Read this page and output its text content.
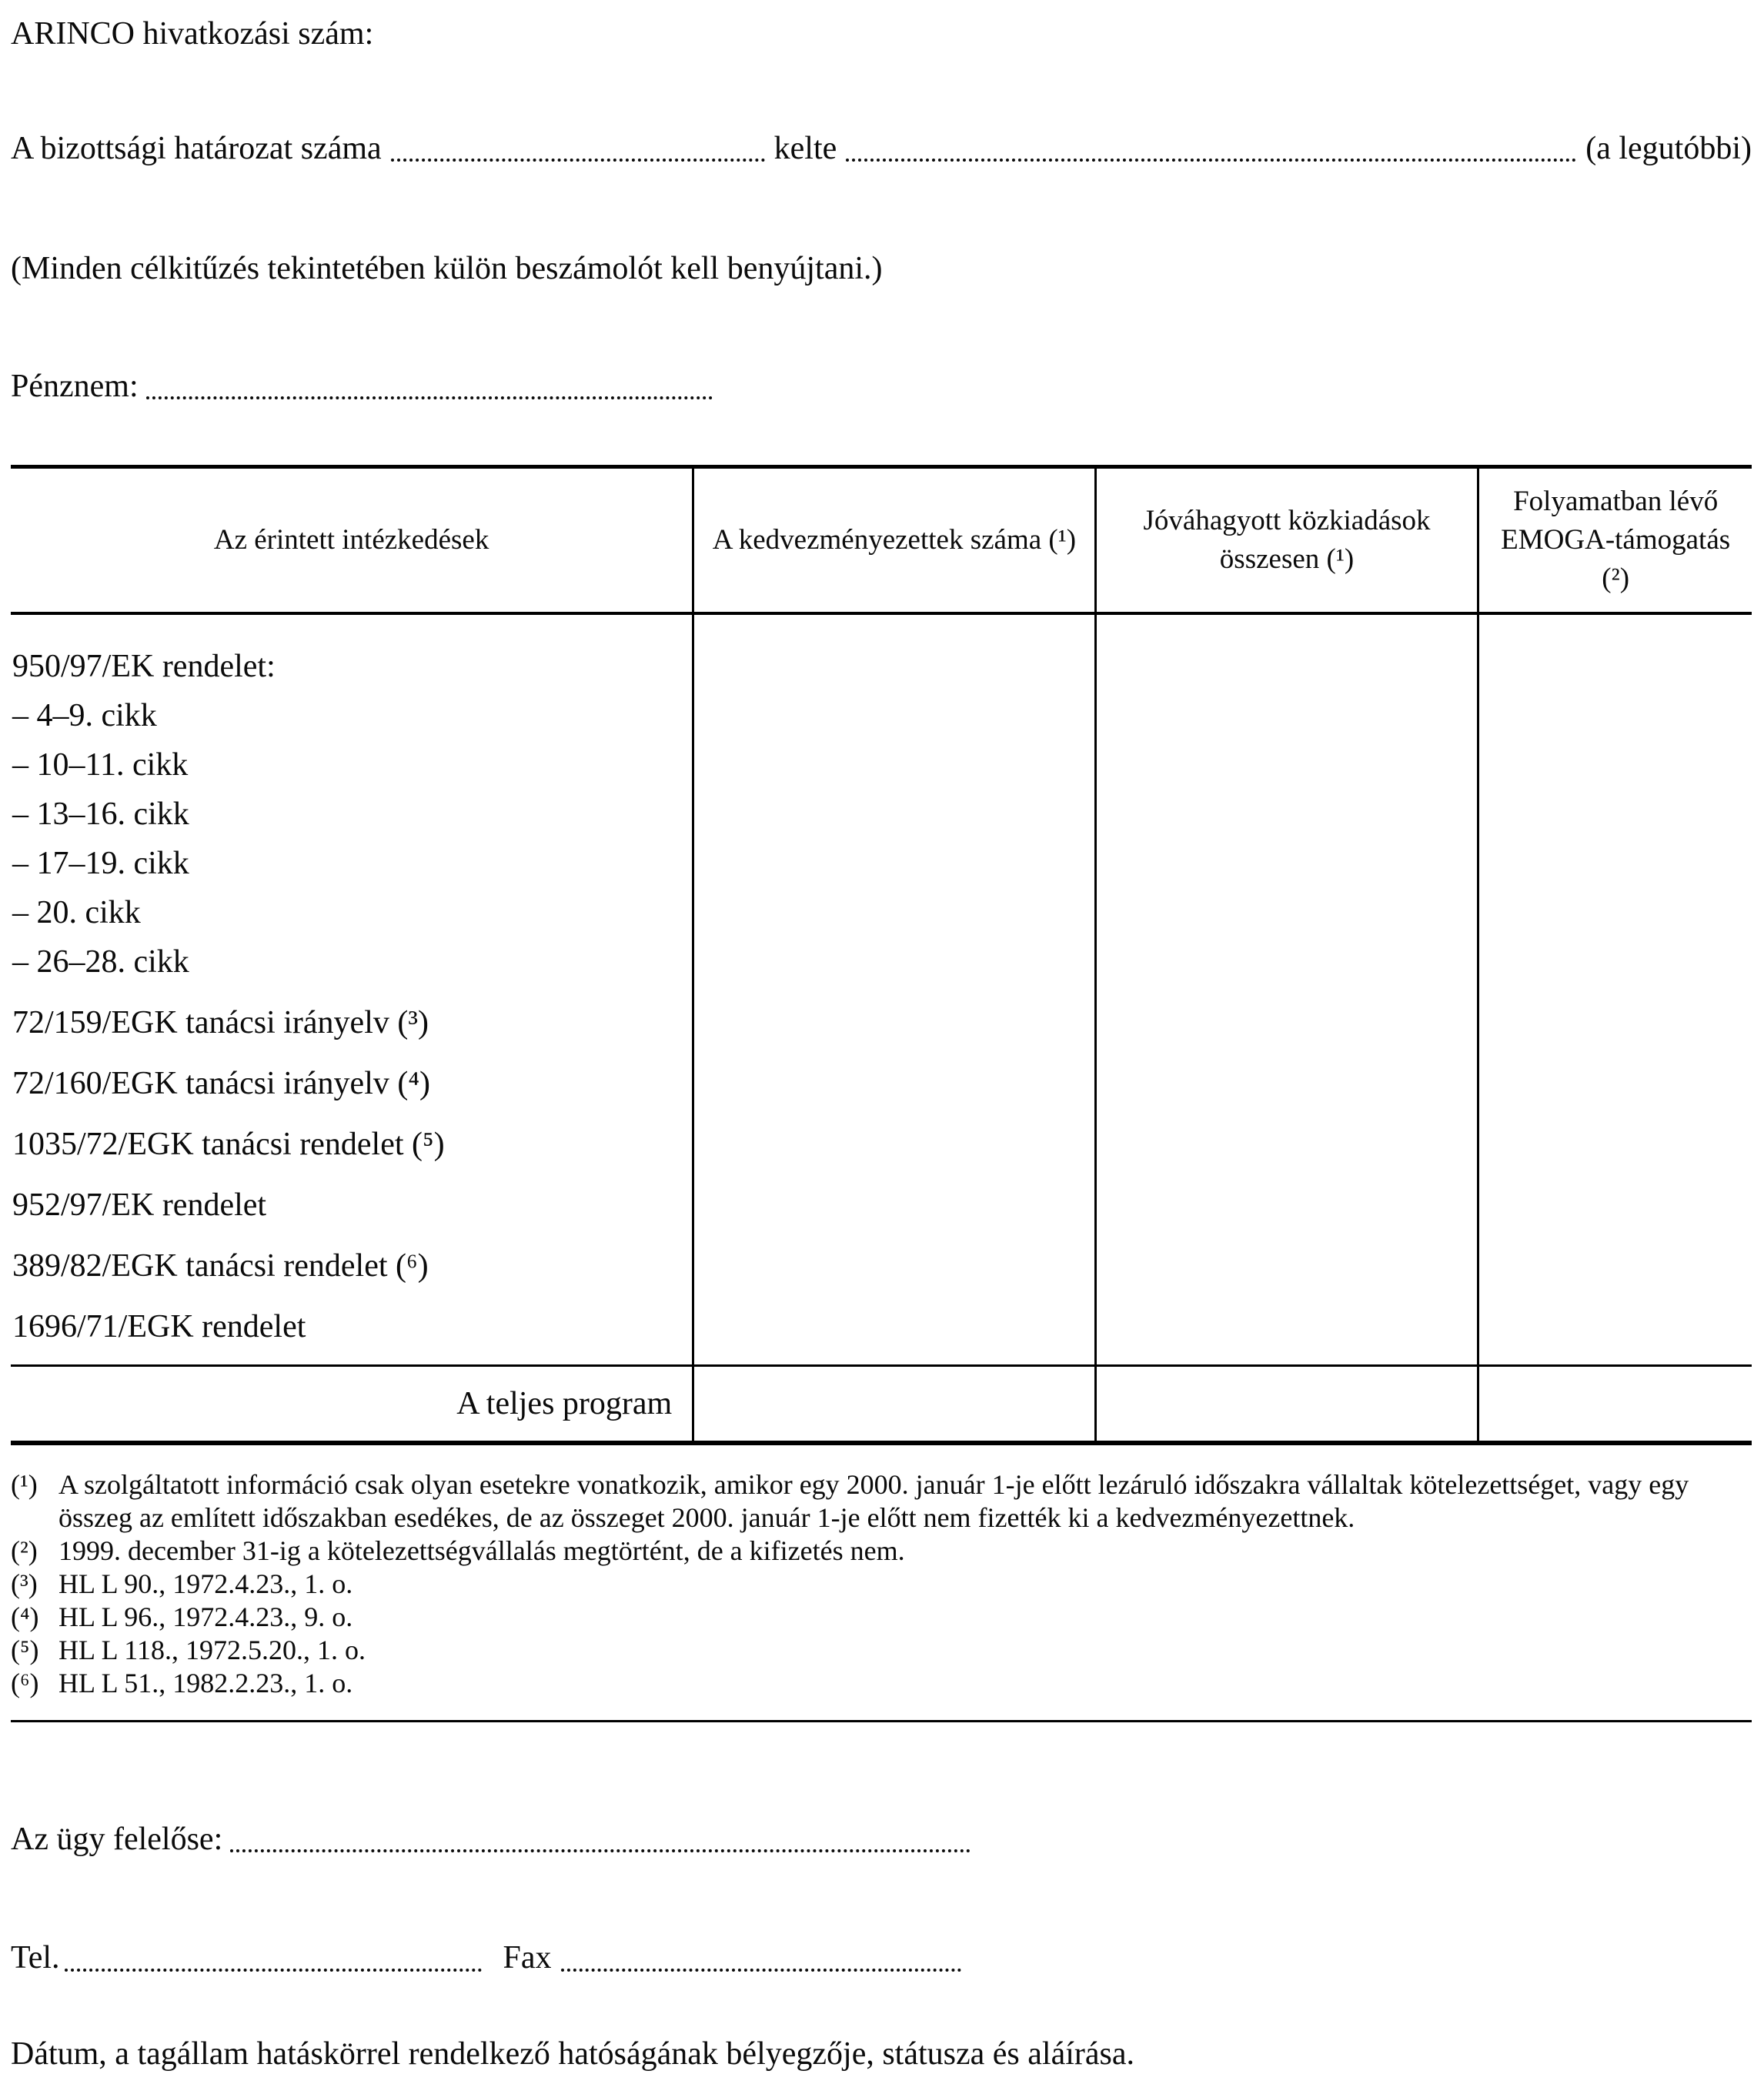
ARINCO hivatkozási szám:
A bizottsági határozat száma	kelte	(a legutóbbi)
(Minden célkitűzés tekintetében külön beszámolót kell benyújtani.)
Pénznem:
Az érintett intézkedések	A kedvezményezettek száma (¹)	Jóváhagyott közkiadások összesen (¹)	Folyamatban lévő EMOGA-támogatás (²)

950/97/EK rendelet:
– 4–9. cikk
– 10–11. cikk
– 13–16. cikk
– 17–19. cikk
– 20. cikk
– 26–28. cikk
72/159/EGK tanácsi irányelv (³)
72/160/EGK tanácsi irányelv (⁴)
1035/72/EGK tanácsi rendelet (⁵)
952/97/EK rendelet
389/82/EGK tanácsi rendelet (⁶)
1696/71/EGK rendelet

A teljes program			
(¹) A szolgáltatott információ csak olyan esetekre vonatkozik, amikor egy 2000. január 1-je előtt lezáruló időszakra vállaltak kötelezettséget, vagy egy összeg az említett időszakban esedékes, de az összeget 2000. január 1-je előtt nem fizették ki a kedvezményezettnek.
(²) 1999. december 31-ig a kötelezettségvállalás megtörtént, de a kifizetés nem.
(³) HL L 90., 1972.4.23., 1. o.
(⁴) HL L 96., 1972.4.23., 9. o.
(⁵) HL L 118., 1972.5.20., 1. o.
(⁶) HL L 51., 1982.2.23., 1. o.
Az ügy felelőse:
Tel.	Fax
Dátum, a tagállam hatáskörrel rendelkező hatóságának bélyegzője, státusza és aláírása.
